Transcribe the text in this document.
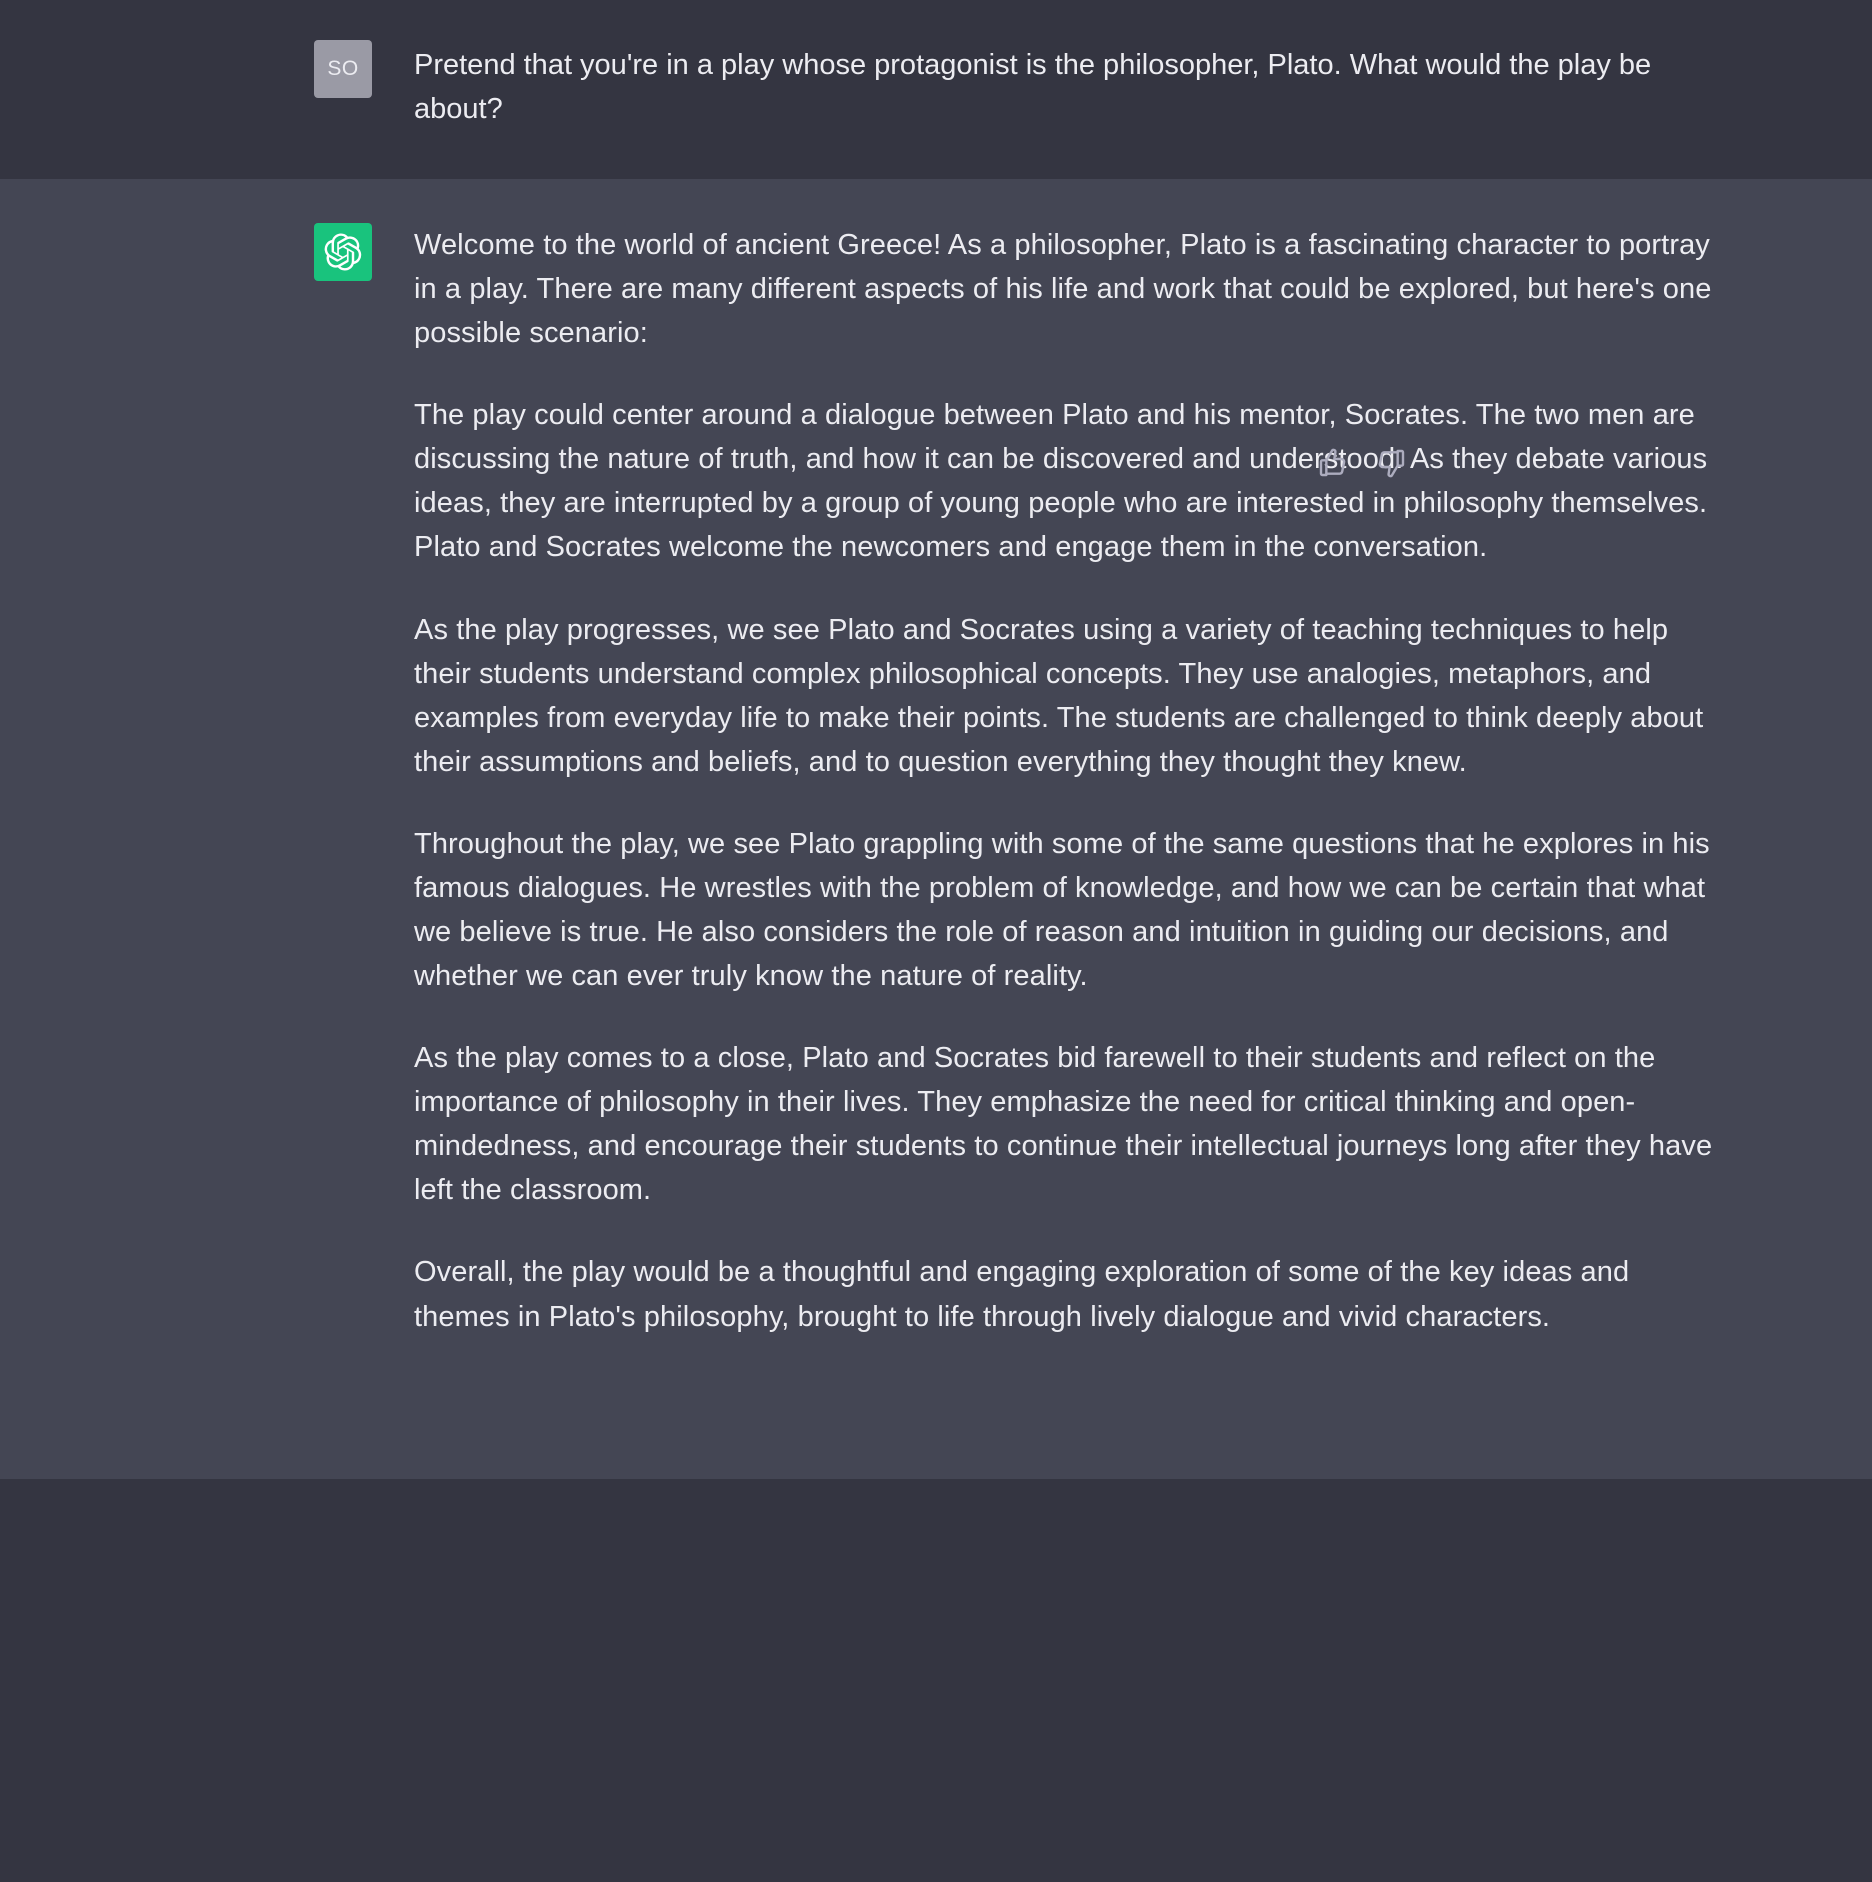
SO	Pretend that you're in a play whose protagonist is the philosopher, Plato. What would the play be about?

Welcome to the world of ancient Greece! As a philosopher, Plato is a fascinating character to portray in a play. There are many different aspects of his life and work that could be explored, but here's one possible scenario:

The play could center around a dialogue between Plato and his mentor, Socrates. The two men are discussing the nature of truth, and how it can be discovered and understood. As they debate various ideas, they are interrupted by a group of young people who are interested in philosophy themselves. Plato and Socrates welcome the newcomers and engage them in the conversation.

As the play progresses, we see Plato and Socrates using a variety of teaching techniques to help their students understand complex philosophical concepts. They use analogies, metaphors, and examples from everyday life to make their points. The students are challenged to think deeply about their assumptions and beliefs, and to question everything they thought they knew.

Throughout the play, we see Plato grappling with some of the same questions that he explores in his famous dialogues. He wrestles with the problem of knowledge, and how we can be certain that what we believe is true. He also considers the role of reason and intuition in guiding our decisions, and whether we can ever truly know the nature of reality.

As the play comes to a close, Plato and Socrates bid farewell to their students and reflect on the importance of philosophy in their lives. They emphasize the need for critical thinking and open-mindedness, and encourage their students to continue their intellectual journeys long after they have left the classroom.

Overall, the play would be a thoughtful and engaging exploration of some of the key ideas and themes in Plato's philosophy, brought to life through lively dialogue and vivid characters.
